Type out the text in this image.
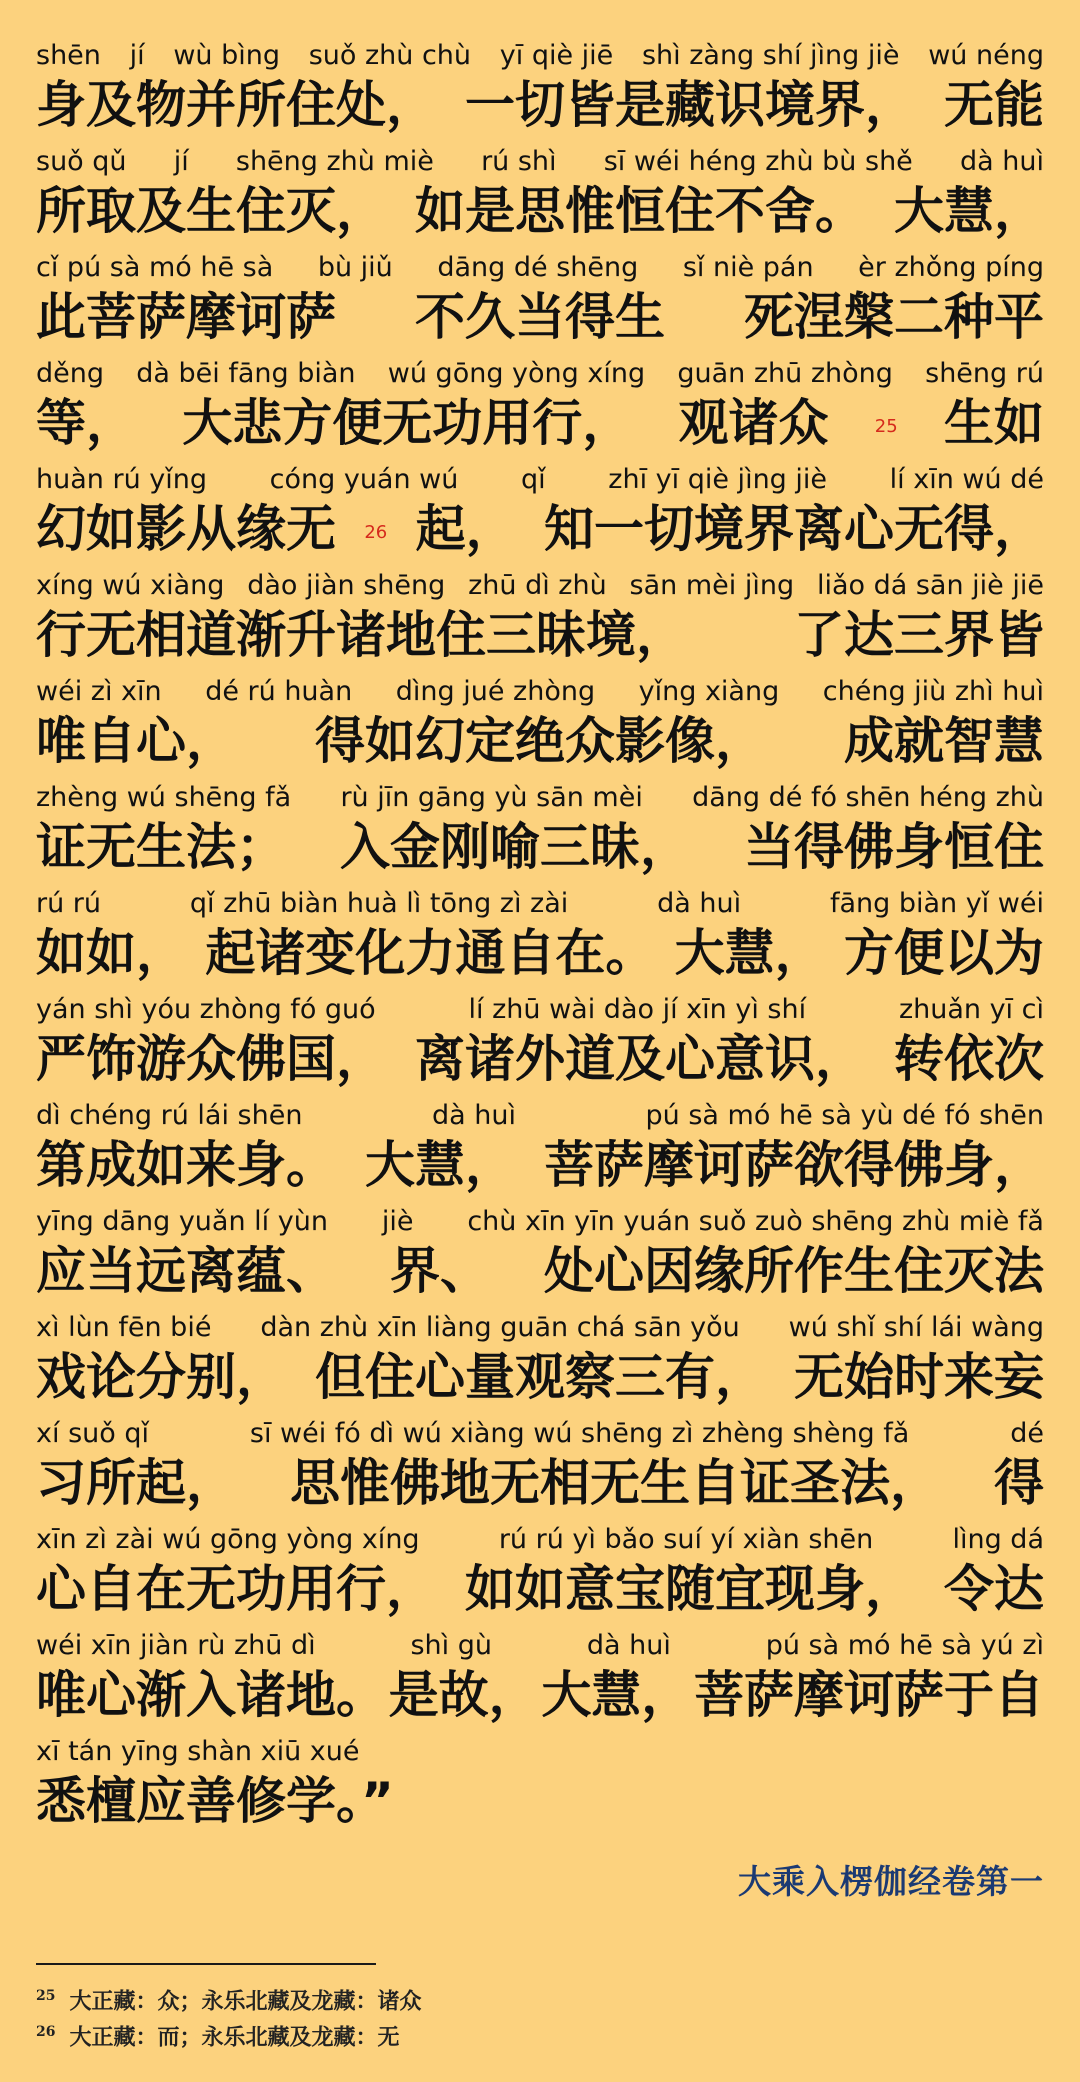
shēn jí wù bìng suǒ zhù chù yī qiè jiē shì zàng shí jìng jiè wú néng
身及物并所住处， 一切皆是藏识境界， 无能
suǒ qǔ jí shēng zhù miè rú shì sī wéi héng zhù bù shě dà huì
所取及生住灭， 如是思惟恒住不舍。 大慧，
cǐ pú sà mó hē sà bù jiǔ dāng dé shēng sǐ niè pán èr zhǒng píng
此菩萨摩诃萨 不久当得生 死涅槃二种平
děng dà bēi fāng biàn wú gōng yòng xíng guān zhū zhòng shēng rú
等， 大悲方便无功用行， 观诸众	25 生如
huàn rú yǐng cóng yuán wú qǐ zhī yī qiè jìng jiè lí xīn wú dé
幻如影从缘无 26 起， 知一切境界离心无得，
xíng wú xiàng dào jiàn shēng zhū dì zhù sān mèi jìng liǎo dá sān jiè jiē
行无相道渐升诸地住三昧境， 了达三界皆
wéi zì xīn dé rú huàn dìng jué zhòng yǐng xiàng chéng jiù zhì huì
唯自心， 得如幻定绝众影像， 成就智慧
zhèng wú shēng fǎ rù jīn gāng yù sān mèi dāng dé fó shēn héng zhù
证无生法； 入金刚喻三昧， 当得佛身恒住
rú rú	qǐ zhū biàn huà lì tōng zì zài	dà huì	fāng biàn yǐ wéi
如如， 起诸变化力通自在。 大慧， 方便以为
yán shì yóu zhòng fó guó	lí zhū wài dào jí xīn yì shí	zhuǎn yī cì
严饰游众佛国， 离诸外道及心意识， 转依次
dì chéng rú lái shēn	dà huì	pú sà mó hē sà yù dé fó shēn
第成如来身。 大慧， 菩萨摩诃萨欲得佛身，
yīng dāng yuǎn lí yùn jiè chù xīn yīn yuán suǒ zuò shēng zhù miè fǎ
应当远离蕴、 界、 处心因缘所作生住灭法
xì lùn fēn bié dàn zhù xīn liàng guān chá sān yǒu wú shǐ shí lái wàng
戏论分别， 但住心量观察三有， 无始时来妄
xí suǒ qǐ	sī wéi fó dì wú xiàng wú shēng zì zhèng shèng fǎ	dé
习所起， 思惟佛地无相无生自证圣法， 得
xīn zì zài wú gōng yòng xíng	rú rú yì bǎo suí yí xiàn shēn	lìng dá
心自在无功用行， 如如意宝随宜现身， 令达
wéi xīn jiàn rù zhū dì	shì gù	dà huì	pú sà mó hē sà yú zì
唯心渐入诸地。 是故， 大慧， 菩萨摩诃萨于自
xī tán yīng shàn xiū xué
悉檀应善修学。”
大乘入楞伽经卷第一
$^{25}$ 大正藏：众；永乐北藏及龙藏：诸众
$^{26}$ 大正藏：而；永乐北藏及龙藏：无
